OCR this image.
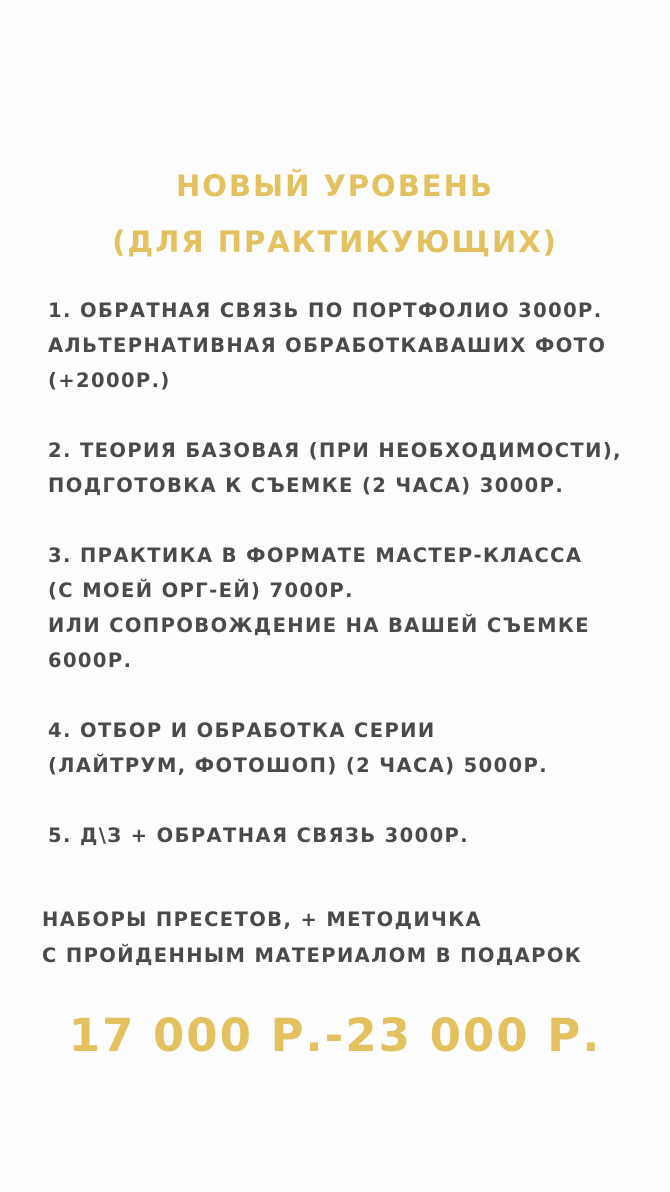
НОВЫЙ УРОВЕНЬ
(ДЛЯ ПРАКТИКУЮЩИХ)
1. ОБРАТНАЯ СВЯЗЬ ПО ПОРТФОЛИО 3000Р.
АЛЬТЕРНАТИВНАЯ ОБРАБОТКАВАШИХ ФОТО
(+2000Р.)
2. ТЕОРИЯ БАЗОВАЯ (ПРИ НЕОБХОДИМОСТИ),
ПОДГОТОВКА К СЪЕМКЕ (2 ЧАСА) 3000Р.
3. ПРАКТИКА В ФОРМАТЕ МАСТЕР-КЛАССА
(С МОЕЙ ОРГ-ЕЙ) 7000Р.
ИЛИ СОПРОВОЖДЕНИЕ НА ВАШЕЙ СЪЕМКЕ
6000Р.
4. ОТБОР И ОБРАБОТКА СЕРИИ
(ЛАЙТРУМ, ФОТОШОП) (2 ЧАСА) 5000Р.
5. Д\З + ОБРАТНАЯ СВЯЗЬ 3000Р.
НАБОРЫ ПРЕСЕТОВ, + МЕТОДИЧКА
С ПРОЙДЕННЫМ МАТЕРИАЛОМ В ПОДАРОК
17 000 Р.-23 000 Р.
